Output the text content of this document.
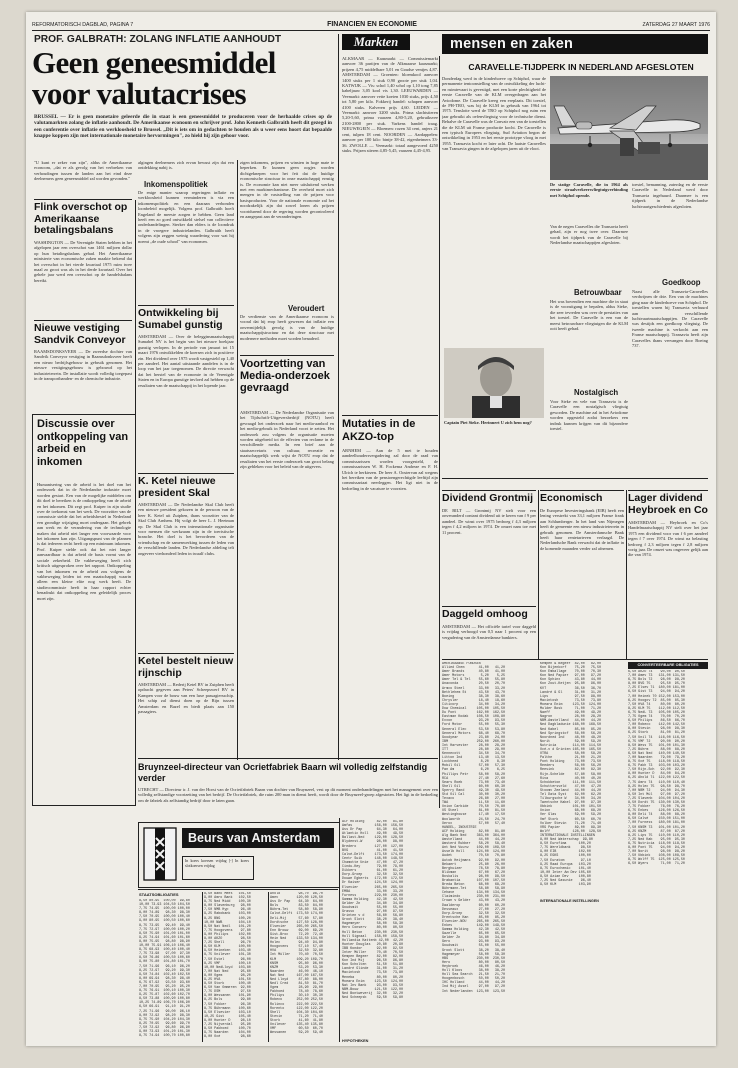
REFORMATORISCH DAGBLAD, PAGINA 7	FINANCIEN EN ECONOMIE	ZATERDAG 27 MAART 1976
PROF. GALBRATH: ZOLANG INFLATIE AANHOUDT
Geen geneesmiddel
voor valutacrises
BRUSSEL — Er is geen monetaire geleerde die in staat is een geneesmiddel te produceren voor de herhaalde crises op de valutamarkten zolang de inflatie aanhoudt. De Amerikaanse econoom en schrijver prof. John Kenneth Galbraith heeft dit gezegd in een conferentie over inflatie en werkloosheid te Brussel. „Dit is iets om in gedachten te houden als u weer eens hoort dat bepaalde knappe koppen zijn met internationale monetaire hervormingen", zo hield hij zijn gehoor voor.
"U kunt er zeker van zijn", aldus de Amerikaanse econoom, „dat er als gevolg van het verbreken van verhoudingen tussen de landen aan het eind deze deelnemers geen geneesmiddel zal worden gevonden."
algingen deelnemers zich ervan bewust zijn dat een ontdekking nabij is.
Inkomenspolitiek
De enige manier waarop regeringen inflatie en werkloosheid kunnen verminderen is via een inkomenspolitiek en een daaraan verbonden loonbeleid mogelijk. Volgens prof. Galbraith hoeft Engeland de meeste zorgen te hebben. Geen land heeft een zo goed ontwikkeld stelsel van collectieve onderhandelingen. Sterker dan elders is de loondruk in de vroegere industrielanden. Galbraith heeft volgens zijn zeggen weinig waardering voor wat hij noemt „de oude school" van economen.
zigen inkomens, prijzen en winsten in hoge mate te beperken. Er kunnen geen oogjes worden dichtgeknepen voor het feit dat de huidige economische structuur in onze maatschappij ernstig is. De economie kan niet meer uitsluitend werken met een marktmechanisme. De overheid moet zich mengen in de vaststelling van de prijzen voor basisproducten. Voor de nationale economie zal het noodzakelijk zijn dat zowel lonen als prijzen voortdurend door de regering worden gecontroleerd en aangepast aan de veranderingen.
Veroudert
De verdienste van de Amerikaanse econoom is vooral dat hij erop heeft gewezen dat inflatie een onvermijdelijk gevolg is van de huidige maatschappijstructuur en dat deze structuur met modernere methoden moet worden benaderd.
Flink overschot op Amerikaanse betalingsbalans
WASHINGTON — De Verenigde Staten hebben in het afgelopen jaar een overschot van 1461 miljoen dollar op hun betalingsbalans gehad. Het Amerikaanse ministerie van economische zaken maakte bekend dat het overschot in het vierde kwartaal 1975 ruim twee maal zo groot was als in het derde kwartaal. Over het gehele jaar werd een overschot op de handelsbalans bereikt.
Nieuwe vestiging Sandvik Conveyor
RAAMSDONKSVEER — De zweedse dochter van Sandvik Conveyor vestiging in Raamsdonksveer heeft een nieuw bedrijfsgebouw in gebruik genomen. Het nieuwe vestigingsgebouw is gebouwd op het industrieterrein. De installatie wordt volledig toegepast in de transportbanden- en de chemische industrie.
Discussie over ontkoppeling van arbeid en inkomen
Humanisering van de arbeid is het doel van het onderzoek dat in de Nederlandse industrie moet worden gestart. Een van de mogelijke middelen om dit doel te bereiken is de ontkoppeling van de arbeid en het inkomen. Dit zegt prof. Kuiper in zijn studie over de toekomst van het werk. De voorzitter van de commissie stelde dat het arbeidsbestel in Nederland een grondige wijziging moet ondergaan. Het gebrek aan werk en de verandering van de technologie maken dat arbeid niet langer een voorwaarde voor het inkomen kan zijn. Uitgangspunt van de plannen is dat iedereen recht heeft op een minimum inkomen. Prof. Kuiper stelde ook dat het niet langer aanvaardbaar is dat arbeid de basis vormt van de sociale zekerheid. De vakbeweging heeft zich kritisch uitgesproken over het rapport. Ontkoppeling van het inkomen en de arbeid zou volgens de vakbeweging leiden tot een maatschappij waarin alleen een kleine elite nog werk heeft. De studiecommissie heeft in haar rapport echter benadrukt dat ontkoppeling een geleidelijk proces moet zijn.
Ontwikkeling bij Sumabel gunstig
AMSTERDAM — Over de belegginsmaatschappij Sumabel NV is het begin van het nieuwe boekjaar gunstig verlopen. In de periode van januari tot 15 maart 1976 ontwikkelden de koersen zich in positieve zin. Het dividend over 1975 wordt vastgesteld op 1,40 per aandeel. Het aantal uitstaande aandelen is in de loop van het jaar toegenomen. De directie verwacht dat het herstel van de economie in de Verenigde Staten en in Europa gunstige invloed zal hebben op de resultaten van de maatschappij in het lopende jaar.
K. Ketel nieuwe president Skal
AMSTERDAM — De Nederlandse Skal Club heeft een nieuwe president gekozen in de persoon van de heer K. Ketel uit Zutphen, thans voorzitter van de Skal Club Arnhem. Hij volgt de heer L. J. Heetman op. De Skal Club is een internationale organisatie voor mensen die werkzaam zijn in de toeristische branche. Het doel is het bevorderen van de vriendschap en de samenwerking tussen de leden van de verschillende landen. De Nederlandse afdeling telt ongeveer vierhonderd leden in twaalf clubs.
Ketel bestelt nieuw rijnschip
AMSTERDAM — Rederij Ketel BV in Zutphen heeft opdracht gegeven aan Peters' Scheepswerf BV in Kampen voor de bouw van een luxe passagiersschip. Het schip zal dienst doen op de Rijn tussen Amsterdam en Bazel en biedt plaats aan 150 passagiers.
Voortzetting van Media-onderzoek gevraagd
AMSTERDAM — De Nederlandse Organisatie van het Tijdschrift-Uitgeversbedrijf (NOTU) heeft gevraagd het onderzoek naar het media-aanbod en het media-gebruik in Nederland voort te zetten. Het onderzoek zou volgens de organisatie moeten worden uitgebreid tot de effecten van reclame in de verschillende media. In een brief aan de staatssecretaris van cultuur, recreatie en maatschappelijk werk wijst de NOTU erop dat de resultaten van het eerste onderzoek van groot belang zijn gebleken voor het beleid van de uitgevers.
Mutaties in de AKZO-top
ARNHEM — Aan de 5 mei te houden aandeelhoudersvergadering zal door de raad van commissarissen worden voorgesteld, de commissarissen W. H. Fockema Andreae en F. H. Ulrich te herkiezen. De heer A. Oostervan zal wegens het bereiken van de pensioengerechtigde leeftijd zijn commissariaat neerleggen. Het ligt niet in de bedoeling in de vacature te voorzien.
Markten
ALKMAAR — Kaasmarkt — Commissiemarkt aanvoer 36 partijen van de Alkmaarse kaasmarkt; prijzen 4,75 middelbare 5,01 en Goudse ventjes 4,87. AMSTERDAM — Groenten: bloemkool aanvoer 1400 stuks per 1 stuk 0,90 groote per stuk 1,04. KATWIJK — Vis: schol 1,40 schol op 1,10 tong 7,85 kabeljauw 3,05 kool vis 1,30. LEEUWARDEN — Veemarkt: aanvoer vette koeien 1030 stuks, prijs 4,50 tot 5,80 per kilo. Fokkerij handel: schapen aanvoer 4100 stuks. Kalveren prijs 4,60. LEIDEN — Veemarkt: aanvoer 3200 stuks. Prima slachtstieren 5,20-5,60, prima vaarzen 4,80-5,20, gebruiksvee 2100-2800 per stuk. Varkens handel traag. NIEUWEGEIN — Bloemen: rozen 34 cent, anjers 21 cent, tulpen 18 cent. NOORDEN — Aardappelen: aanvoer per 100 kilo: bintje 38-42, eigenheimers 33-36. ZWOLLE — Veemarkt: totaal aangevoerd 4250 stuks. Prijzen stieren 4,85-5,45, vaarzen 4,45-4,95.
mensen en zaken
CARAVELLE-TIJDPERK IN NEDERLAND AFGESLOTEN
Donderdag werd in de kinderhoeve op Schiphol, waar de permanente tentoonstelling van de ontwikkeling der lucht- en ruimtevaart is gevestigd, met een korte plechtigheid de eerste Caravelle van de KLM overgedragen aan het Aviodome. De Caravelle kreeg een ereplaats. Dit toestel, de PH-TRO, was bij de KLM in gebruik van 1964 tot 1975. Tenslotte werd de TRO op Schiphol nog ruim een jaar gebruikt als oefenvliegtuig voor de technische dienst. Behalve de Caravelle was de Convair een van de toestellen die de KLM uit Franse productie kocht. De Caravelle is een typisch Europees vliegtuig. Sud Aviation begon de ontwikkeling in 1953 en het eerste prototype vloog in mei 1955. Transavia kocht er later acht. De laatste Caravelles van Transavia gingen in de afgelopen jaren uit de vloot.
De statige Caravelle, die in 1964 als eerste straalverkeersvliegtuigverbinding met Schiphol opende.
Van de negen Caravelles die Transavia heeft gehad, zijn er nog twee over. Daarmee wordt het tijdperk van de Caravelle bij Nederlandse maatschappijen afgesloten.
Betrouwbaar
Het was bovendien een machine die in staat is de vooruitgang te bepalen, aldus Sieke, die zeer tevreden was over de prestaties van het toestel. De Caravelle is een van de meest betrouwbare vliegtuigen die de KLM ooit heeft gehad.
Nostalgisch
Voor Sieke en vele van Transavia is de Caravelle een nostalgisch vliegtuig geworden. De machine zal in het Aviodome worden opgesteld zodat bezoekers een indruk kunnen krijgen van dit bijzondere toestel.
Captain Piet Sieke. Herinnert U zich hem nog?
toestel, bemanning, zaterdag en de eerste Caravelle in Nederland werd door Transavia ingehuurd. Daarmee is een tijdperk in de Nederlandse luchtvaartgeschiedenis afgesloten.
Goedkoop
Naast alle Transavia-Caravelles verdwijnen de drie. Een van de machines ging naar de kinderhoeve van Schiphol. De toestellen waren bij Transavia verhuurd aan verschillende luchtvaartmaatschappijen. De Caravelle was destijds een goedkoop vliegtuig. De tweede machine is verkocht aan een Franse maatschappij. Transavia heeft zijn Caravelles thans vervangen door Boeing 737.
Bruynzeel-directeur van Ocrietfabriek Baarn wil volledig zelfstandig verder
UTRECHT — Directeur ir. J. van der Horst van de Ocrietfabriek Baarn van dochter van Bruynzeel, vest op dit moment onderhandelingen met het management over een volledig zelfstandige voortzetting van het bedrijf. De Ocrietfabriek, die ruim 200 man in dienst heeft, wordt door de Bruynzeel-groep afgestoten. Het ligt in de bedoeling om de fabriek als zelfstandig bedrijf door te laten gaan.
Dividend Grontmij
DE BILT — Grontmij NV stelt voor een onveranderd contant dividend uit te keren van f 9 per aandeel. De winst over 1975 bedroeg f 4,3 miljoen tegen f 4,2 miljoen in 1974. De omzet nam toe met 11 procent.
Daggeld omhoog
AMSTERDAM — Het officiële tarief voor daggeld is vrijdag verhoogd van 0,5 naar 1 procent op een vergadering van de Amsterdamse bankiers.
Economisch
De Europese Investeringsbank (EIB) heeft een lening verstrekt van 33,1 miljoen Franse frank aan Schlumberger. In het land van Nijmegen heeft de gemeente een nieuw industrieterrein in gebruik genomen. De Amsterdamsche Bank heeft haar rentetarieven verlaagd. De Nederlandsche Bank verwacht dat de inflatie in de komende maanden verder zal afnemen.
Lager dividend Heybroek en Co
AMSTERDAM — Heybroek en Co's Handelmaatschappij NV stelt over het jaar 1975 een dividend voor van f 6 per aandeel tegen f 7 over 1974. De winst na belasting bedroeg f 2,3 miljoen tegen f 2,8 miljoen vorig jaar. De omzet was ongeveer gelijk aan die van 1974.
Beurs van Amsterdam
In koers koersen vrijdag [-] In koers slotkoersen vrijdag
STAATSOBLIGATIES
8,50 80-95  100,00  99,80
10,00 73-93 104,50 104,50
7,75 74-95  100,00 100,00
8,00 74-89   98,30  98,30
7,50 70-95  100,00 100,40
9,00 80-95  100,50 100,60
8,75 73-95   99,40  99,40
7,75 72-97  100,00 100,20
8,50 75-90  101,00 101,00
9,25 74-94  101,60 101,60
8,00 75-95   98,80  98,90
10,00 75-91 106,10 106,40
8,75 68-93  100,40 100,40
7,75 73-98   97,00  97,30
8,50 76-86  100,50 100,60
9,00 75-80  101,80 101,70
7,50 71-96   96,10  96,20
8,25 72-97   99,20  99,30
9,50 74-84  102,40 102,50
8,00 69-94   98,30  98,40
6,75 67-92   93,50  93,60
7,00 70-95   95,20  95,20
8,75 76-91  100,10 100,30
9,25 75-87  102,60 102,70
8,50 73-88  100,90 100,80
10,25 74-89 106,70 106,90
6,50 66-91   91,10  91,20
7,25 71-96   96,00  96,10
8,00 72-92   98,20  98,30
9,75 75-90  104,20 104,30
8,25 70-95   99,60  99,70
7,50 72-92   96,80  96,90
9,00 73-93  101,20 101,30
8,75 74-94  100,70 100,80
8,50 Bank Mees   101,50
9,00 Amro Bank   102,50
8,75 Ned Midd    100,30
8,00 Slavenburg   98,00
7,50 NMB Hyp      96,40
9,25 Rabobank    103,00
8,25 BNG         100,20
10,00 NWB        104,10
8,50 Nat Nedl    101,20
7,75 Hoogovens    97,80
9,00 Philips     102,00
8,00 AKZO         98,50
7,25 Shell        96,70
8,50 KLM         100,00
9,50 Heineken    103,40
8,75 Unilever    101,30
7,50 Estel        96,00
8,25 VMF         100,10
10,00 NedLloyd   103,80
7,00 Nat Ned      95,60
8,00 Ogem         98,20
9,25 HVA         101,50
8,50 Stork       100,40
6,50 Van Ommeren  92,00
7,75 DSM          97,50
9,00 Wessanen    101,90
8,25 Bols         99,80
7,50 Fokker       96,30
8,75 Bührmann    100,60
9,50 Elsevier    103,10
10,25 Gist       105,40
8,00 Hunter D     98,10
7,25 Nijverdal    95,90
8,50 Pakhoed     100,70
9,75 Naarden     104,00
8,00 Océ          98,60
Ahold         98,70  98,70
Amev         120,00 120,50
Ass Dr Pap    64,30  64,00
Bols          83,50  84,00
Bührm-Tet     58,80  58,90
Calvé-Delft  173,50 174,00
Deli-Mij      57,60  57,80
Dordtsche    127,50 128,00
Elsevier     265,00 265,50
Enn Brouw     69,00  69,20
Gist-Broc     72,20  72,40
Hein Ned     133,50 134,00
Holec         94,40  94,80
Hoogovens     57,10  57,40
HVA           32,50  32,80
Int Müller    70,40  70,50
KLM          109,20 109,70
KNSM          95,80  96,00
KNZM          53,20  53,30
Naarden       46,00  46,10
Nat Ned      167,00 167,50
Ned Lloyd     87,80  88,00
Nedl Cred     81,50  81,70
Ogem          28,90  29,00
Pakhoed       78,40  78,60
Philips       30,10  30,30
Robeco       252,00 252,50
Rolinco      222,00 222,50
Rorento      122,00 122,20
Shell        104,30 104,60
Stevin        71,20  71,40
Stork         41,60  41,80
Unilever     135,40 135,80
VMF           60,50  60,70
Wessanen      59,20  59,40
ACF Holding      82,00   81,80
Amfas           156,00  156,50
Ass Dr Pap       64,30   64,00
Atlantic Holl    49,00   49,50
Ballast-Ned     129,00  128,50
Blydenst-W       98,00   98,00
Bredero         127,00  127,00
BVG              41,00   41,50
Calvé-Delft     173,50  174,00
Centr Suik      148,00  148,50
Chamotte Unie    47,00   47,20
Cindu-Key        79,00   79,00
Dikkers          61,00   61,20
Dorp-Groep       32,50   32,50
Douwe Egberts   172,00  172,50
Dr Kaiser       124,50  124,00
Elsevier        265,00  265,50
EMBA             33,00   33,20
Furness         229,00  230,00
Gamma Holding    42,30   42,50
Gelder Zn        34,80   34,90
Goudsmit         55,00   55,00
Grasso           97,00   97,50
Grinten v d      56,60   56,80
Groot Slott      38,20   38,40
Hagemeyer        58,00   58,30
Hero Conserv     80,00   80,50
Holl Beton      230,00  230,50
Holl Signaal    158,00  158,50
Hollandia Kattenb 42,00  42,20
Hunter Douglas   20,80   20,90
IBB Kondor       92,00   92,50
Inter Müller     70,40   70,50
Kempen Begeer    82,00   82,00
Kon Ind Mij      96,50   96,80
Kon Scholten     51,50   51,80
Landré Glinde    31,00   31,20
Macintosh        73,50   73,80
Meneba           80,00   80,20
Moeara Enim     123,50  124,00
Nat Inv Bank     93,00   93,50
NBM-Bouw        121,50  122,00
Ned Bontweverij  32,00   32,20
Ned Scheepsb     59,50   59,80
HYPOTHEKEN
AMERIKAANSE FONDSEN
Allied Chem       41,00   41,20
Amer Brands       40,80   41,00
Amer Motors        5,20    5,25
Amer Tel & Tel    55,60   55,80
Anaconda          20,50   20,70
Armco Steel       33,00   33,20
Bethlehem St      43,50   43,70
Boeing            38,30   38,60
Chrysler          18,40   18,60
Citicorp          34,00   34,20
Dow Chemical     105,00  105,50
Du Pont          162,00  162,50
Eastman Kodak    108,50  108,80
Exxon             93,20   93,50
Ford Motor        55,00   55,30
General Elec      53,50   53,80
General Motors    68,40   68,70
Goodyear          23,80   24,00
IBM              259,00  260,00
Int Harvester     28,00   28,20
ITT               28,80   29,00
Kennecott         34,50   34,70
Litton Ind        13,40   13,50
Lockheed           8,20    8,30
Mobil Oil         57,00   57,30
Pan Am             6,20    6,25
Phillips Petr     58,00   58,20
RCA               27,40   27,60
Sears Roeb        73,00   73,40
Shell Oil         60,00   60,30
Sperry Rand       49,30   49,50
Std Oil Cal       30,00   30,20
Texaco            26,80   27,00
TWA               11,50   11,60
Union Carbide     70,50   70,80
US Steel          81,00   81,50
Westinghouse      17,40   17,50
Woolworth         24,50   24,70
Xerox             57,00   57,40
HANDEL, INDUSTRIE
ACF Holding       82,00   81,80
Alg Bank Ned     363,00  364,00
Amstelland        44,00   44,20
Amsterd Rubber    58,20   58,40
Ant Ned Vuurw    109,00  109,50
Asselb Holl      124,00  124,00
Audet             70,50   70,80
Autob Heijmans    92,00   92,00
Bekaert           25,80   26,00
Berghuizer        78,50   78,80
Blikman           67,00   67,20
Boskalis          98,00   98,50
Brabantia        107,00  107,50
Breda Beton       68,00   68,20
Bührmann-Tet      58,80   58,90
Cehave           134,00  134,50
Claimindo        230,00  231,00
Crown v Gelder    43,00   43,20
Daalderop         60,00   60,20
Desseaux          27,00   27,20
Dorp-Groep        32,50   32,50
Drentsche Kan     85,00   85,20
Elsevier-NDU     265,00  265,50
Enkes            149,00  149,50
Gamma Holding     42,30   42,50
Gazelle           65,00   65,50
Gelder Zn         34,80   34,90
Gero              93,00   93,20
Goudsmit          55,00   55,00
Groot Slott       38,20   38,40
Hagemeyer         58,00   58,30
HBG              230,00  230,50
Hero              80,00   80,50
Heybroek          46,00   46,20
Holl Kloos        38,00   38,20
Holl Sea Search   21,50   21,70
Hoogenbosch       50,00   50,20
IHC Holland       44,00   44,20
Ind Mij Assel     97,00   97,20
Int Nederlanden  123,00  123,50
Kempen & Begeer  82,00   82,00
Kon Bijenkorf    75,20   75,50
Kon Emballage    70,00   70,30
Kon Ned Papier   97,00   97,20
Kon Sphinx       43,80   44,00
Kon Zout-Ketjen  95,80   96,00
KVT              36,50   36,70
Landré & Gl      31,00   31,20
Lips             97,50   98,00
Macintosh        73,50   73,80
Moeara Enim     123,50  124,00
Mulder Bosk      71,00   71,20
Naeff            49,00   49,20
Nagron           28,00   28,20
NBM-Amstelland   44,00   44,20
Ned Dagbladunie 168,00  168,50
Ned Kabel        85,00   85,20
Ned Springstof   56,00   56,20
Noordned Ind     48,00   48,20
Norit            59,00   59,20
Nutricia        114,00  114,50
Océ-v d Grinten 165,00  165,50
OTRA             58,00   58,20
Palthe           21,00   21,20
Pont Holding     73,00   73,50
Reeders          56,00   56,20
Reesink          82,00   82,30
Rijn-Schelde     57,80   58,00
Riva             40,00   40,20
Schokbeton      111,00  111,50
Schuttersveld    47,00   47,20
Stoomv Zeeland   44,00   44,20
Tel Data Syst    62,00   62,20
Tilburgsche W    34,00   34,20
Twentsche Kabel  97,00   97,30
Ubbink          101,00  101,50
Union            68,00   68,20
Ver Glas         59,00   59,20
Vmf Stork        60,50   60,70
Volker Stevin    71,20   71,40
VRG Papier       89,00   89,30
Wolff           128,00  128,50
INTERNATIONALE INSTELLINGEN
8,00 Ned Waterschap  99,80
8,50 Eurofima      100,20
7,75 Wereldbank     98,50
9,00 EIB           102,00
8,25 EGKS          100,00
7,50 Euratom        97,10
9,25 Raad Europa   103,20
8,75 Eurochemic    101,40
10,00 Inter Am Dev 105,60
8,50 Azian Dev     100,80
7,25 Ned Gasunie    96,40
9,50 KLM           103,90
INTERNATIONALE INSTELLINGEN
CONVERTEERBARE OBLIGATIES
6,50 AKZO 74    90,00  90,50
7,00 Amev 73   131,00 131,50
6,75 Bols 72    98,00  98,20
8,00 BVG 75     95,50  95,70
7,25 Elsev 71  180,00 181,00
6,50 Gist 73    94,00  94,20
7,00 Heinek 70 152,00 153,00
6,25 Hoogov 72  85,00  85,30
7,50 HVA 74     80,00  80,20
8,25 KLM 75    112,00 112,50
6,75 NedL 73   105,00 105,20
7,75 Ogem 74    70,00  70,20
6,50 Philips    86,50  86,70
7,00 Robeco    142,00 142,50
8,00 Stevin     98,00  98,30
6,25 Stork      81,00  81,20
7,50 Unil 74   116,00 116,50
6,75 VMF 72     90,00  90,20
8,50 Wess 75   101,00 101,30
7,25 Bührm      88,00  88,20
6,50 Nat Ned   140,00 140,50
7,00 Naarden    79,00  79,20
8,75 Océ 75    118,00 118,50
6,75 Pakh 73   103,00 103,20
7,50 Rijn-Sch   92,00  92,30
8,00 Hunter D   84,00  84,20
6,25 Ahold 71  122,00 122,50
7,75 Amro 74   110,00 110,40
8,25 Holec 75   98,50  98,70
7,00 NBM 72     94,00  94,30
6,50 Int Mül    97,00  97,20
7,25 Slavenb   104,00 104,20
8,50 Dordt 75  130,00 130,50
7,75 Fokker     76,00  76,20
6,75 Enkes     126,00 126,50
8,00 Deli 74    88,00  88,20
6,50 Calvé     150,00 151,00
7,00 Furness   180,00 181,00
7,50 KNSM 73   101,00 101,20
6,25 KNZM       87,00  87,20
8,25 Lips 75   110,00 110,20
7,25 Ned Kab    95,00  95,30
6,75 Nutricia  118,00 118,50
8,00 Pont 75    94,00  94,20
7,00 Norit      98,00  98,20
7,50 Ubbink    108,00 108,50
8,75 Wolff 75  125,00 125,50
6,50 Wyers      71,00  71,20
